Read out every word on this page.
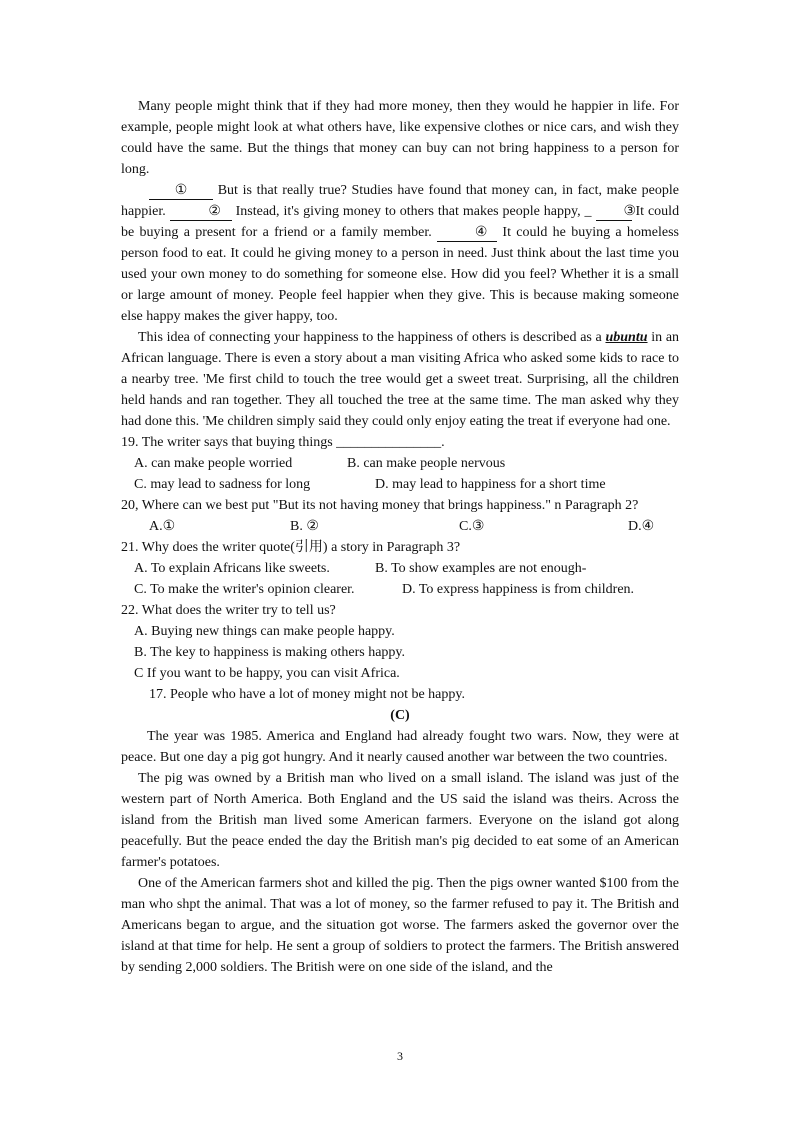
Many people might think that if they had more money, then they would he happier in life. For example, people might look at what others have, like expensive clothes or nice cars, and wish they could have the same. But the things that money can buy can not bring happiness to a person for long.

① But is that really true? Studies have found that money can, in fact, make people happier.	② Instead, it's giving money to others that makes people happy, _ ③ It could be buying a present for a friend or a family member.	④ It could he buying a homeless person food to eat. It could he giving money to a person in need. Just think about the last time you used your own money to do something for someone else. How did you feel? Whether it is a small or large amount of money. People feel happier when they give. This is because making someone else happy makes the giver happy, too.

This idea of connecting your happiness to the happiness of others is described as a ubuntu in an African language. There is even a story about a man visiting Africa who asked some kids to race to a nearby tree. 'Me first child to touch the tree would get a sweet treat. Surprising, all the children held hands and ran together. They all touched the tree at the same time. The man asked why they had done this. 'Me children simply said they could only enjoy eating the treat if everyone had one.

19. The writer says that buying things _______________.
A. can make people worried	B. can make people nervous
C. may lead to sadness for long	D. may lead to happiness for a short time
20, Where can we best put "But its not having money that brings happiness." n Paragraph 2?
A.①	B. ②	C.③	D.④
21. Why does the writer quote(引用) a story in Paragraph 3?
A. To explain Africans like sweets.	B. To show examples are not enough-
C. To make the writer's opinion clearer.	D. To express happiness is from children.
22. What does the writer try to tell us?
A. Buying new things can make people happy.
B. The key to happiness is making others happy.
C If you want to be happy, you can visit Africa.
17. People who have a lot of money might not be happy.
(C)

The year was 1985. America and England had already fought two wars. Now, they were at peace. But one day a pig got hungry. And it nearly caused another war between the two countries.

The pig was owned by a British man who lived on a small island. The island was just of the western part of North America. Both England and the US said the island was theirs. Across the island from the British man lived some American farmers. Everyone on the island got along peacefully. But the peace ended the day the British man's pig decided to eat some of an American farmer's potatoes.

One of the American farmers shot and killed the pig. Then the pigs owner wanted $100 from the man who shpt the animal. That was a lot of money, so the farmer refused to pay it. The British and Americans began to argue, and the situation got worse. The farmers asked the governor over the island at that time for help. He sent a group of soldiers to protect the farmers. The British answered by sending 2,000 soldiers. The British were on one side of the island, and the

3
